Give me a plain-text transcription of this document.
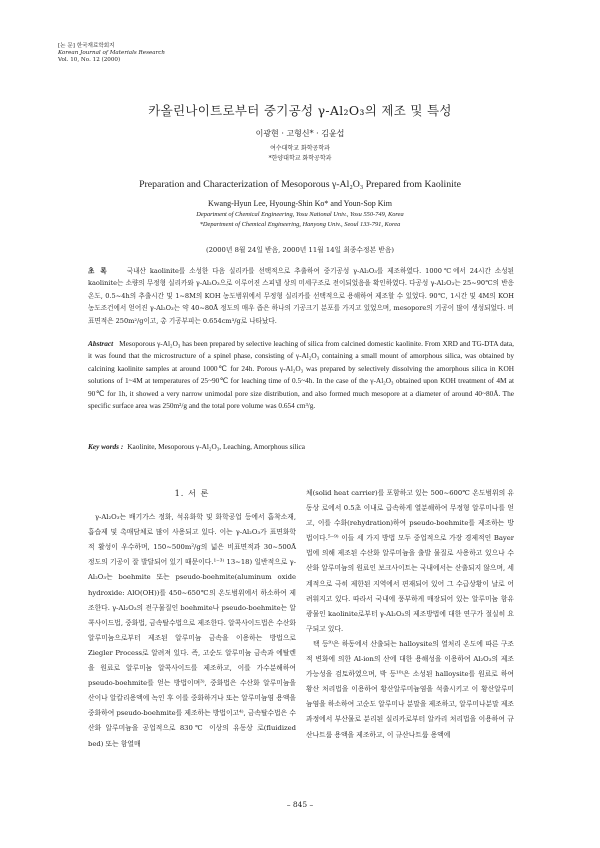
[논 문] 한국재료학회지
Korean Journal of Materials Research
Vol. 10, No. 12 (2000)
카올린나이트로부터 중기공성 γ-Al₂O₃의 제조 및 특성
이광현 · 고형신* · 김윤섭
여수대학교 화학공학과
*한양대학교 화학공학과
Preparation and Characterization of Mesoporous γ-Al₂O₃ Prepared from Kaolinite
Kwang-Hyun Lee, Hyoung-Shin Ko* and Youn-Sop Kim
Department of Chemical Engineering, Yosu National Univ., Yosu 550-749, Korea
*Department of Chemical Engineering, Hanyong Univ., Seoul 133-791, Korea
(2000년 8월 24일 받음, 2000년 11월 14일 최종수정본 받음)
초록 국내산 kaolinite를 소성한 다음 실리카를 선택적으로 추출하여 중기공성 γ-Al₂O₃를 제조하였다. 1000℃에서 24시간 소성된 kaolinite는 소량의 무정형 실리카와 γ-Al₂O₃으로 이루어진 스피넬 상의 미세구조로 전이되었음을 확인하였다. 다공성 γ-Al₂O₃는 25~90℃의 반응온도, 0.5~4h의 추출시간 및 1~8M의 KOH 농도범위에서 무정형 실리카를 선택적으로 용해하여 제조할 수 있었다. 90℃, 1시간 및 4M의 KOH 농도조건에서 얻어진 γ-Al₂O₃는 약 40~80Å 정도의 매우 좁은 하나의 기공크기 분포를 가지고 있었으며, mesopore의 기공이 많이 생성되었다. 비표면적은 250m²/g이고, 총 기공부피는 0.654cm³/g로 나타났다.
Abstract Mesoporous γ-Al₂O₃ has been prepared by selective leaching of silica from calcined domestic kaolinite. From XRD and TG-DTA data, it was found that the microstructure of a spinel phase, consisting of γ-Al₂O₃ containing a small mount of amorphous silica, was obtained by calcining kaolinite samples at around 1000℃ for 24h. Porous γ-Al₂O₃ was prepared by selectively dissolving the amorphous silica in KOH solutions of 1~4M at temperatures of 25~90℃ for leaching time of 0.5~4h. In the case of the γ-Al₂O₃ obtained upon KOH treatment of 4M at 90℃ for 1h, it showed a very narrow unimodal pore size distribution, and also formed much mesopore at a diameter of around 40~80Å. The specific surface area was 250m²/g and the total pore volume was 0.654 cm³/g.
Key words : Kaolinite, Mesoporous γ-Al₂O₃, Leaching, Amorphous silica
1. 서 론

γ-Al₂O₃는 배기가스 정화, 석유화학 및 화학공업 등에서 흡착소재, 흡습제 및 촉매담체로 많이 사용되고 있다. 이는 γ-Al₂O₃가 표면화학적 활성이 우수하며, 150~500m²/g의 넓은 비표면적과 30~500Å 정도의 기공이 잘 발달되어 있기 때문이다.¹⁻³⁾ 13~18) 일반적으로 γ-Al₂O₃는 boehmite 또는 pseudo-boehmite(aluminum oxide hydroxide: AlO(OH))를 450~650℃의 온도범위에서 하소하여 제조한다. γ-Al₂O₃의 전구물질인 boehmite나 pseudo-boehmite는 알콕사이드법, 중화법, 금속탈수법으로 제조한다. 알콕사이드법은 수산화 알루미늄으로부터 제조된 알루미늄 금속을 이용하는 방법으로 Ziegler Process로 알려져 있다. 즉, 고순도 알루미늄 금속과 에탈렌을 원료로 알루미늄 알콕사이드를 제조하고, 이를 가수분해하여 pseudo-boehmite를 얻는 방법이며³⁾, 중화법은 수산화 알루미늄을 산이나 알칼리용액에 녹인 후 이를 중화하거나 또는 알루미늄염 용액을 중화하여 pseudo-boehmite를 제조하는 방법이고⁴⁾, 금속탈수법은 수산화 알루미늄을 공업적으로 830℃ 이상의 유동상 로(fluidized bed) 또는 함열매

체(solid heat carrier)를 포함하고 있는 500~600℃ 온도범위의 유동상 로에서 0.5초 이내로 급속하게 열분해하여 무정형 알루미나를 얻고, 이를 수화(rehydration)하여 pseudo-boehmite를 제조하는 방법이다.⁵⁻⁹⁾ 이들 세 가지 방법 모두 중업적으로 가장 경제적인 Bayer법에 의해 제조된 수산화 알루미늄을 출발 물질로 사용하고 있으나 수산화 알루미늄의 원료인 보크사이트는 국내에서는 산출되지 않으며, 세계적으로 극히 제한된 지역에서 편재되어 있어 그 수급상황이 날로 어려워지고 있다. 따라서 국내에 풍부하게 매장되어 있는 알루미늄 함유 광물인 kaolinite로부터 γ-Al₂O₃의 제조방법에 대한 연구가 절실히 요구되고 있다.

택 등⁹⁾은 하동에서 산출되는 halloysite의 열처리 온도에 따른 구조적 변화에 의한 Al-ion의 산에 대한 용해성을 이용하여 Al₂O₃의 제조 가능성을 검토하였으며, 박 등¹⁰⁾은 소성된 halloysite를 원료로 하여 황산 처리법을 이용하여 황산알루미늄염을 석출시키고 이 황산알루미늄염을 하소하여 고순도 알루미나 분말을 제조하고, 알루미나분말 제조과정에서 부산물로 분리된 실리카로부터 알카리 처리법을 이용하여 규산나트륨 용액을 제조하고, 이 규산나트륨 용액에

– 845 –
